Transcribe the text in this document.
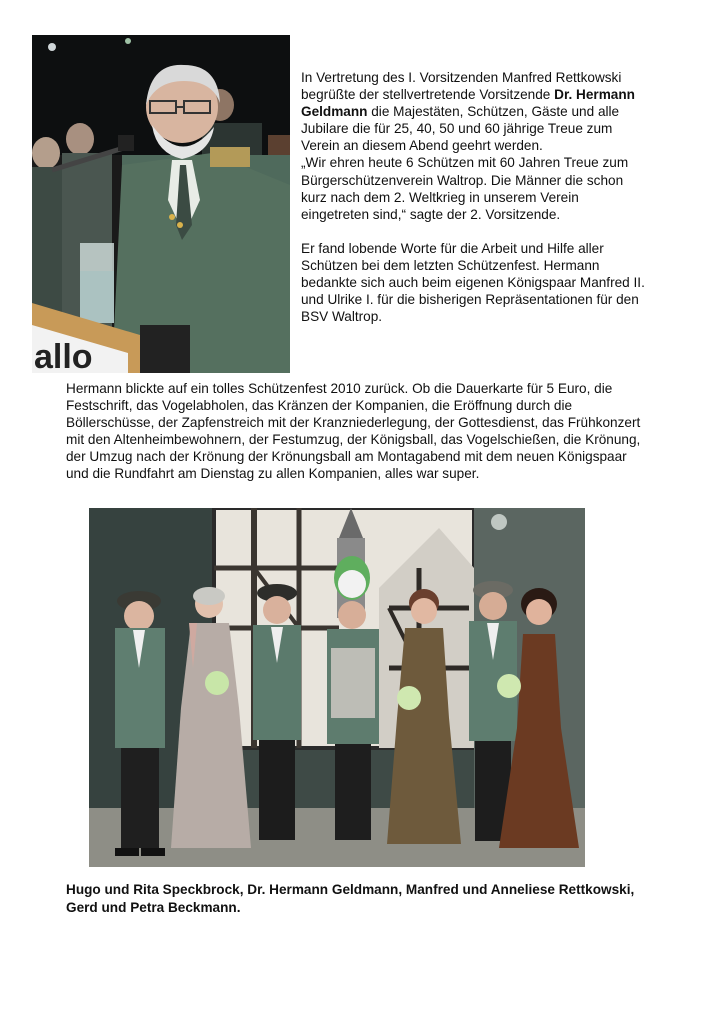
allo

In Vertretung des I. Vorsitzenden Manfred Rettkowski begrüßte der stellvertretende Vorsitzende Dr. Hermann Geldmann die Majestäten, Schützen, Gäste und alle Jubilare die für 25, 40, 50 und 60 jährige Treue zum Verein an diesem Abend geehrt werden.

„Wir ehren heute 6 Schützen mit 60 Jahren Treue zum Bürgerschützenverein Waltrop. Die Männer die schon kurz nach dem 2. Weltkrieg in unserem Verein eingetreten sind,“ sagte der 2. Vorsitzende.

Er fand lobende Worte für die Arbeit und Hilfe aller Schützen bei dem letzten Schützenfest. Hermann bedankte sich auch beim eigenen Königspaar Manfred II. und Ulrike I. für die bisherigen Repräsentationen für den BSV Waltrop.

Hermann blickte auf ein tolles Schützenfest 2010 zurück. Ob die Dauerkarte für 5 Euro, die Festschrift, das Vogelabholen, das Kränzen der Kompanien, die Eröffnung durch die Böllerschüsse, der Zapfenstreich mit der Kranzniederlegung, der Gottesdienst, das Frühkonzert mit den Altenheimbewohnern, der Festumzug, der Königsball, das Vogelschießen, die Krönung, der Umzug nach der Krönung der Krönungsball am Montagabend mit dem neuen Königspaar und die Rundfahrt am Dienstag zu allen Kompanien, alles war super.
Hugo und Rita Speckbrock, Dr. Hermann Geldmann, Manfred und Anneliese Rettkowski, Gerd und Petra Beckmann.
